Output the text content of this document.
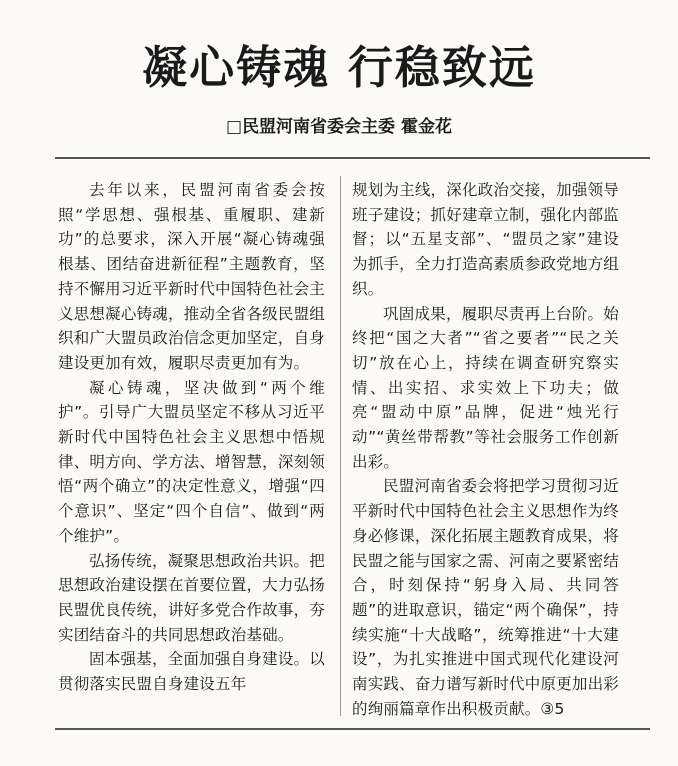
凝心铸魂 行稳致远
□民盟河南省委会主委 霍金花

去年以来，民盟河南省委会按照“学思想、强根基、重履职、建新功”的总要求，深入开展“凝心铸魂强根基、团结奋进新征程”主题教育，坚持不懈用习近平新时代中国特色社会主义思想凝心铸魂，推动全省各级民盟组织和广大盟员政治信念更加坚定，自身建设更加有效，履职尽责更加有为。

凝心铸魂，坚决做到“两个维护”。引导广大盟员坚定不移从习近平新时代中国特色社会主义思想中悟规律、明方向、学方法、增智慧，深刻领悟“两个确立”的决定性意义，增强“四个意识”、坚定“四个自信”、做到“两个维护”。

弘扬传统，凝聚思想政治共识。把思想政治建设摆在首要位置，大力弘扬民盟优良传统，讲好多党合作故事，夯实团结奋斗的共同思想政治基础。

固本强基，全面加强自身建设。以贯彻落实民盟自身建设五年

规划为主线，深化政治交接，加强领导班子建设；抓好建章立制，强化内部监督；以“五星支部”、“盟员之家”建设为抓手，全力打造高素质参政党地方组织。

巩固成果，履职尽责再上台阶。始终把“国之大者”“省之要者”“民之关切”放在心上，持续在调查研究察实情、出实招、求实效上下功夫；做亮“盟动中原”品牌，促进“烛光行动”“黄丝带帮教”等社会服务工作创新出彩。

民盟河南省委会将把学习贯彻习近平新时代中国特色社会主义思想作为终身必修课，深化拓展主题教育成果，将民盟之能与国家之需、河南之要紧密结合，时刻保持“躬身入局、共同答题”的进取意识，锚定“两个确保”，持续实施“十大战略”，统筹推进“十大建设”，为扎实推进中国式现代化建设河南实践、奋力谱写新时代中原更加出彩的绚丽篇章作出积极贡献。③5
